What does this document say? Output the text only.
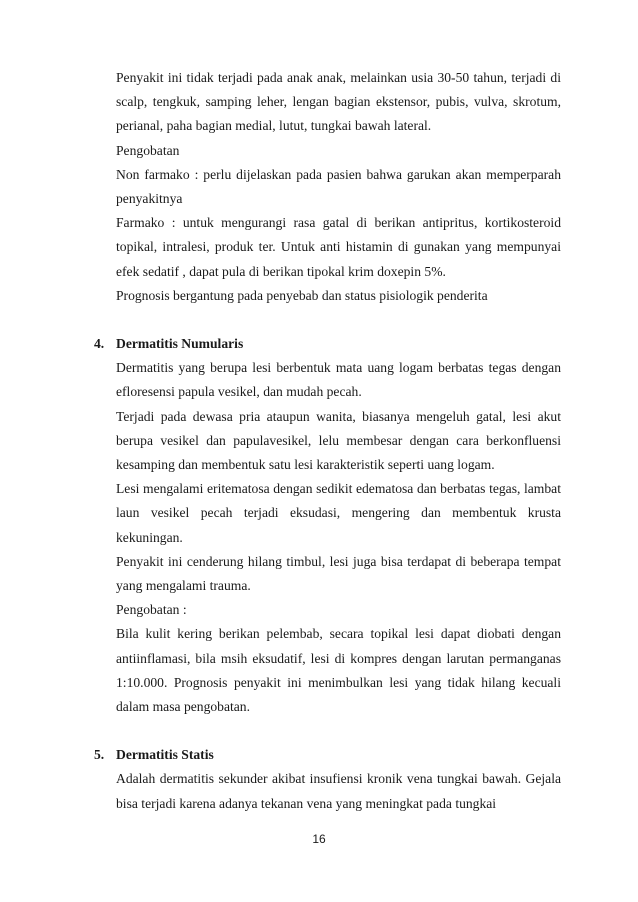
Penyakit ini tidak terjadi pada anak anak, melainkan usia 30-50 tahun, terjadi di scalp, tengkuk, samping leher, lengan bagian ekstensor, pubis, vulva, skrotum, perianal, paha bagian medial, lutut, tungkai bawah lateral.

Pengobatan

Non farmako : perlu dijelaskan pada pasien bahwa garukan akan memperparah penyakitnya

Farmako : untuk mengurangi rasa gatal di berikan antipritus, kortikosteroid topikal, intralesi, produk ter. Untuk anti histamin di gunakan yang mempunyai efek sedatif , dapat pula di berikan tipokal krim doxepin 5%.

Prognosis bergantung pada penyebab dan status pisiologik penderita

4. Dermatitis Numularis

Dermatitis yang berupa lesi berbentuk mata uang logam berbatas tegas dengan efloresensi papula vesikel, dan mudah pecah.

Terjadi pada dewasa pria ataupun wanita, biasanya mengeluh gatal, lesi akut berupa vesikel dan papulavesikel, lelu membesar dengan cara berkonfluensi kesamping dan membentuk satu lesi karakteristik seperti uang logam.

Lesi mengalami eritematosa dengan sedikit edematosa dan berbatas tegas, lambat laun vesikel pecah terjadi eksudasi, mengering dan membentuk krusta kekuningan.

Penyakit ini cenderung hilang timbul, lesi juga bisa terdapat di beberapa tempat yang mengalami trauma.

Pengobatan :

Bila kulit kering berikan pelembab, secara topikal lesi dapat diobati dengan antiinflamasi, bila msih eksudatif, lesi di kompres dengan larutan permanganas 1:10.000. Prognosis penyakit ini menimbulkan lesi yang tidak hilang kecuali dalam masa pengobatan.

5. Dermatitis Statis

Adalah dermatitis sekunder akibat insufiensi kronik vena tungkai bawah. Gejala bisa terjadi karena adanya tekanan vena yang meningkat pada tungkai

16
